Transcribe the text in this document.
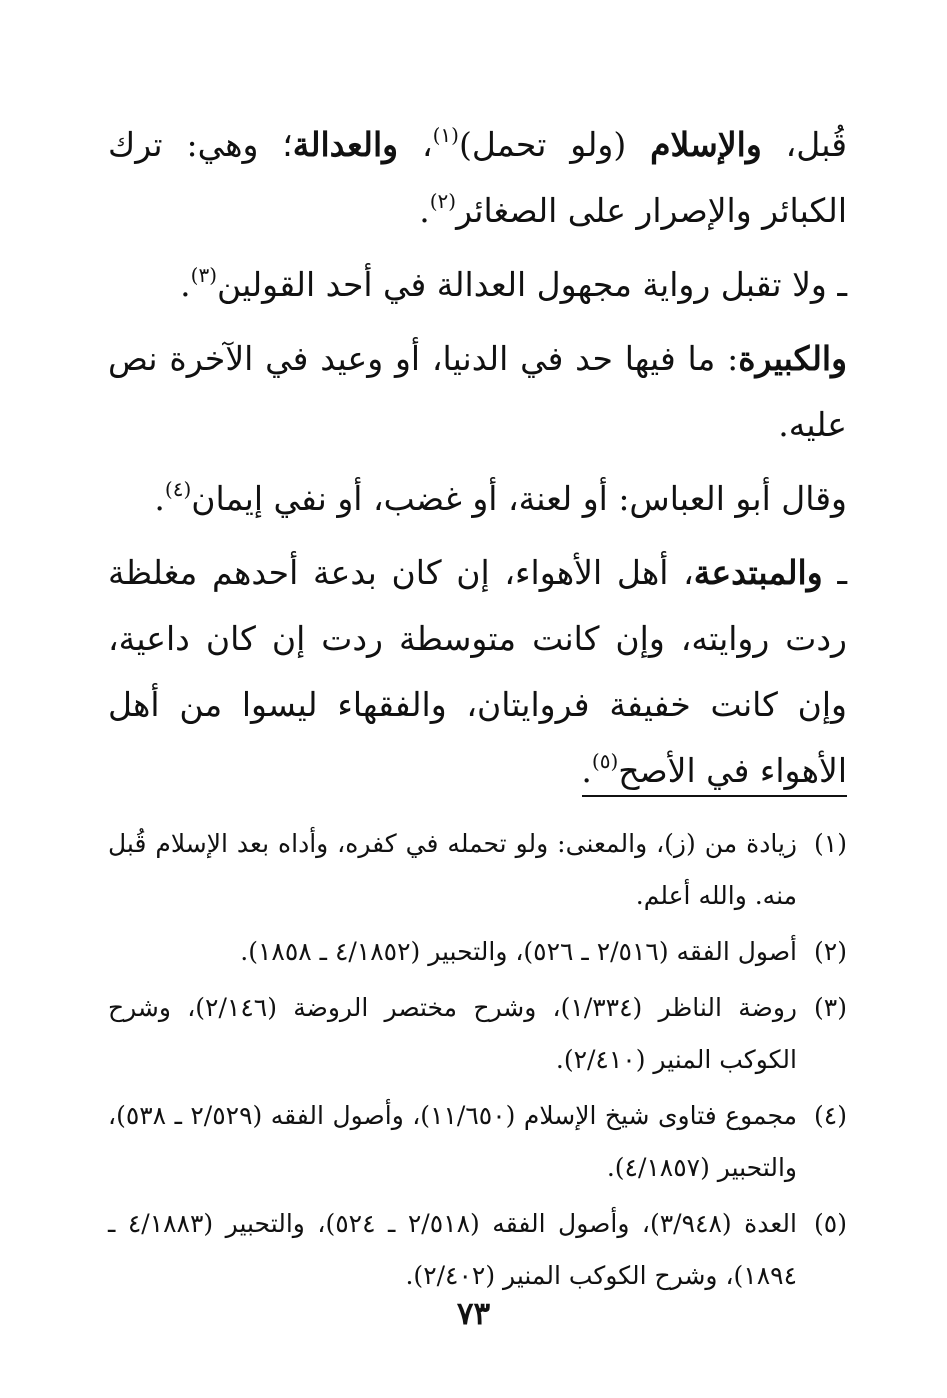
قُبل، والإسلام (ولو تحمل)$^{(١)}$، والعدالة؛ وهي: ترك الكبائر والإصرار على الصغائر$^{(٢)}$.

ـ ولا تقبل رواية مجهول العدالة في أحد القولين$^{(٣)}$.

والكبيرة: ما فيها حد في الدنيا، أو وعيد في الآخرة نص عليه.

وقال أبو العباس: أو لعنة، أو غضب، أو نفي إيمان$^{(٤)}$.

ـ والمبتدعة، أهل الأهواء، إن كان بدعة أحدهم مغلظة ردت روايته، وإن كانت متوسطة ردت إن كان داعية، وإن كانت خفيفة فروايتان، والفقهاء ليسوا من أهل الأهواء في الأصح$^{(٥)}$.

(١)
زيادة من (ز)، والمعنى: ولو تحمله في كفره، وأداه بعد الإسلام قُبل منه. والله أعلم.
(٢)
أصول الفقه (٢/٥١٦ ـ ٥٢٦)، والتحبير (٤/١٨٥٢ ـ ١٨٥٨).
(٣)
روضة الناظر (١/٣٣٤)، وشرح مختصر الروضة (٢/١٤٦)، وشرح الكوكب المنير (٢/٤١٠).
(٤)
مجموع فتاوى شيخ الإسلام (١١/٦٥٠)، وأصول الفقه (٢/٥٢٩ ـ ٥٣٨)، والتحبير (٤/١٨٥٧).
(٥)
العدة (٣/٩٤٨)، وأصول الفقه (٢/٥١٨ ـ ٥٢٤)، والتحبير (٤/١٨٨٣ ـ ١٨٩٤)، وشرح الكوكب المنير (٢/٤٠٢).
٧٣
